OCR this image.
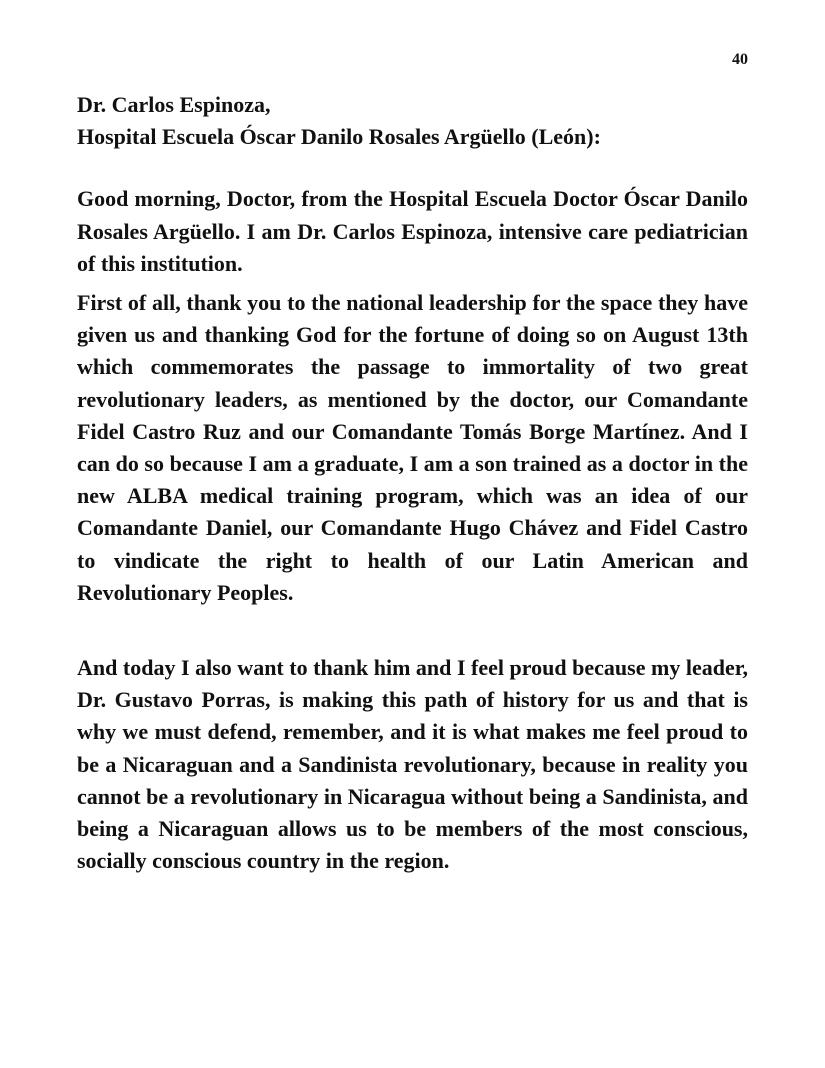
40

Dr. Carlos Espinoza,

Hospital Escuela Óscar Danilo Rosales Argüello (León):

Good morning, Doctor, from the Hospital Escuela Doctor Óscar Danilo Rosales Argüello. I am Dr. Carlos Espinoza, intensive care pediatrician of this institution.

First of all, thank you to the national leadership for the space they have given us and thanking God for the fortune of doing so on August 13th which commemorates the passage to immortality of two great revolutionary leaders, as mentioned by the doctor, our Comandante Fidel Castro Ruz and our Comandante Tomás Borge Martínez. And I can do so because I am a graduate, I am a son trained as a doctor in the new ALBA medical training program, which was an idea of our Comandante Daniel, our Comandante Hugo Chávez and Fidel Castro to vindicate the right to health of our Latin American and Revolutionary Peoples.

And today I also want to thank him and I feel proud because my leader, Dr. Gustavo Porras, is making this path of history for us and that is why we must defend, remember, and it is what makes me feel proud to be a Nicaraguan and a Sandinista revolutionary, because in reality you cannot be a revolutionary in Nicaragua without being a Sandinista, and being a Nicaraguan allows us to be members of the most conscious, socially conscious country in the region.
